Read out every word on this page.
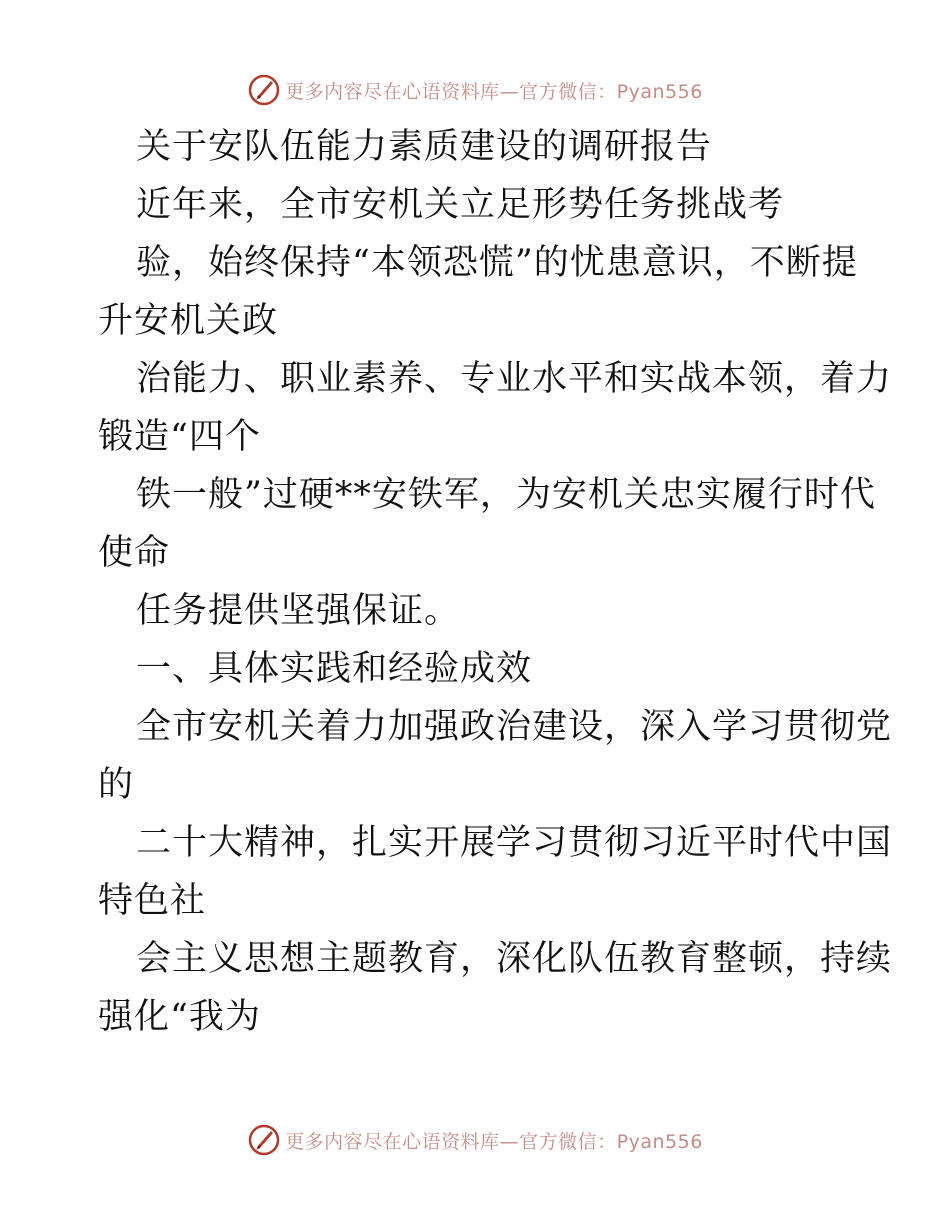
更多内容尽在心语资料库—官方微信：Pyan556
关于安队伍能力素质建设的调研报告
近年来，全市安机关立足形势任务挑战考
验，始终保持“本领恐慌”的忧患意识，不断提
升安机关政
治能力、职业素养、专业水平和实战本领，着力
锻造“四个
铁一般”过硬**安铁军，为安机关忠实履行时代
使命
任务提供坚强保证。
一、具体实践和经验成效
全市安机关着力加强政治建设，深入学习贯彻党
的
二十大精神，扎实开展学习贯彻习近平时代中国
特色社
会主义思想主题教育，深化队伍教育整顿，持续
强化“我为
更多内容尽在心语资料库—官方微信：Pyan556
